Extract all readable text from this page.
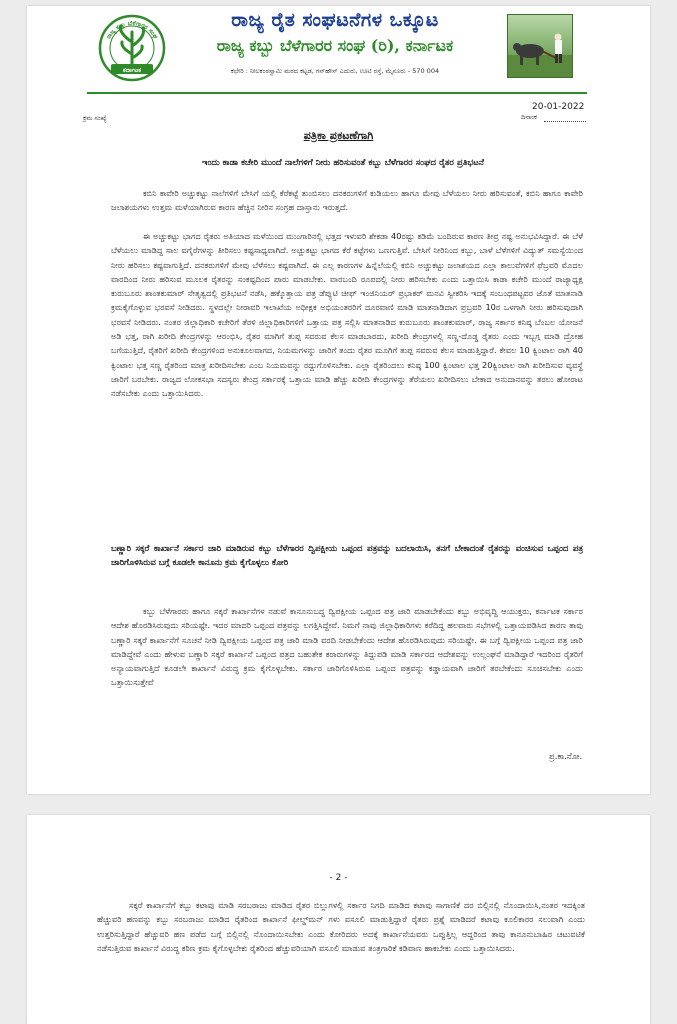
ರಾಜ್ಯ ಕಬ್ಬು ಬೆಳೆಗಾರರ ಸಂಘ
ಕರ್ನಾಟಕ
ರಾಜ್ಯ ರೈತ ಸಂಘಟನೆಗಳ ಒಕ್ಕೂಟ
ರಾಜ್ಯ ಕಬ್ಬು ಬೆಳೆಗಾರರ ಸಂಘ (ರಿ), ಕರ್ನಾಟಕ
ಕಛೇರಿ : ನೀಲಕಂಠಸ್ವಾಮಿ ಮಠದ ಕಟ್ಟಡ, ಗನ್‌ಹೌಸ್ ಎದುರು, ಊಟಿ ರಸ್ತೆ, ಮೈಸೂರು - 570 004
ಕ್ರಮ ಸಂಖ್ಯೆ
20-01-2022
ದಿನಾಂಕ
ಪತ್ರಿಕಾ ಪ್ರಕಟಣೆಗಾಗಿ
ಇಂದು ಕಾಡಾ ಕಚೇರಿ ಮುಂದೆ ನಾಲೆಗಳಿಗೆ ನೀರು ಹರಿಸುವಂತೆ ಕಬ್ಬು ಬೆಳೆಗಾರರ ಸಂಘದ ರೈತರ ಪ್ರತಿಭಟನೆ

ಕಬಿನಿ ಕಾವೇರಿ ಅಚ್ಚುಕಟ್ಟು ನಾಲೆಗಳಿಗೆ ಬೇಸಿಗೆ ಯಲ್ಲಿ ಕೆರೆಕಟ್ಟೆ ತುಂಬಿಸಲು ದನಕರುಗಳಿಗೆ ಕುಡಿಯಲು ಹಾಗೂ ಮೇವು ಬೆಳೆಯಲು ನೀರು ಹರಿಸುವಂತೆ, ಕಬಿನಿ ಹಾಗೂ ಕಾವೇರಿ ಜಲಾಶಯಗಳು ಉತ್ತಮ ಮಳೆಯಾಗಿರುವ ಕಾರಣ ಹೆಚ್ಚಿನ ನೀರಿನ ಸಂಗ್ರಹ ದಾಸ್ತಾನು ಇರುತ್ತದೆ.

ಈ ಅಚ್ಚುಕಟ್ಟು ಭಾಗದ ರೈತರು ಅತಿಯಾದ ಮಳೆಯಿಂದ ಮುಂಗಾರಿನಲ್ಲಿ ಭತ್ತದ ಇಳುವರಿ ಶೇಕಡಾ 40ರಷ್ಟು ಕಡಿಮೆ ಬಂದಿರುವ ಕಾರಣ ತೀವ್ರ ನಷ್ಟ ಅನುಭವಿಸಿದ್ದಾರೆ. ಈ ಬೆಳೆ ಬೆಳೆಯಲು ಮಾಡಿದ್ದ ಸಾಲ ವಗೈರೆಗಳನ್ನು ತೀರಿಸಲು ಕಷ್ಟಸಾಧ್ಯವಾಗಿದೆ. ಅಚ್ಚುಕಟ್ಟು ಭಾಗದ ಕೆರೆ ಕಟ್ಟೆಗಳು ಒಣಗುತ್ತಿವೆ. ಬೇಸಿಗೆ ನೀರಿನಿಂದ ಕಬ್ಬು, ಬಾಳೆ ಬೆಳೆಗಳಿಗೆ ವಿದ್ಯುತ್ ಸಮಸ್ಯೆಯಿಂದ ನೀರು ಹರಿಸಲು ಕಷ್ಟವಾಗುತ್ತಿದೆ. ದನಕರುಗಳಿಗೆ ಮೇವು ಬೆಳೆಸಲು ಕಷ್ಟವಾಗಿದೆ. ಈ ಎಲ್ಲ ಕಾರಣಗಳ ಹಿನ್ನೆಲೆಯಲ್ಲಿ ಕಬಿನಿ ಅಚ್ಚುಕಟ್ಟು ಜಲಾಶಯದ ಎಲ್ಲಾ ಕಾಲುವೆಗಳಿಗೆ ಫೆಬ್ರವರಿ ಮೊದಲ ವಾರದಿಂದ ನೀರು ಹರಿಸುವ ಮೂಲಕ ರೈತರನ್ನು ಸಂಕಷ್ಟದಿಂದ ಪಾರು ಮಾಡಬೇಕು. ವಾರಬಂದಿ ರೂಪದಲ್ಲಿ ನೀರು ಹರಿಸಬೇಕು ಎಂದು ಒತ್ತಾಯಿಸಿ ಕಾಡಾ ಕಚೇರಿ ಮುಂದೆ ರಾಜ್ಯಾಧ್ಯಕ್ಷ ಕುರುಬೂರು ಶಾಂತಕುಮಾರ್ ನೇತೃತ್ವದಲ್ಲಿ ಪ್ರತಿಭಟನೆ ನಡೆಸಿ, ಹಕ್ಕೊತ್ತಾಯ ಪತ್ರ ಡೆಪ್ಯುಟಿ ಚೀಫ್ ಇಂಜಿನಿಯರ್ ಪ್ರಭಾಕರ್ ಮನವಿ ಸ್ವೀಕರಿಸಿ ಇದಕ್ಕೆ ಸಂಬಂಧಪಟ್ಟವರ ಜೊತೆ ಮಾತನಾಡಿ ಕ್ರಮಕೈಗೊಳ್ಳುವ ಭರವಸೆ ನೀಡಿದರು. ಸ್ಥಳದಲ್ಲೇ ನೀರಾವರಿ ಇಲಾಖೆಯ ಅಧೀಕ್ಷಕ ಅಭಿಯಂತರರಿಗೆ ದೂರವಾಣಿ ಮಾಡಿ ಮಾತನಾಡಿದಾಗ ಪ್ರಬ್ರವರಿ 10ರ ಒಳಗಾಗಿ ನೀರು ಹರಿಸುವುದಾಗಿ ಭರವಸೆ ನೀಡಿದರು. ನಂತರ ಜಿಲ್ಲಾಧಿಕಾರಿ ಕಚೇರಿಗೆ ತೆರಳಿ ಜಿಲ್ಲಾಧಿಕಾರಿಗಳಿಗೆ ಒತ್ತಾಯ ಪತ್ರ ಸಲ್ಲಿಸಿ ಮಾತನಾಡಿದ ಕುರುಬೂರು ಶಾಂತಕುಮಾರ್, ರಾಜ್ಯ ಸರ್ಕಾರ ಕನಿಷ್ಠ ಬೆಂಬಲ ಯೋಜನೆ ಅಡಿ ಭತ್ತ, ರಾಗಿ ಖರೀದಿ ಕೇಂದ್ರಗಳನ್ನು ಆರಂಭಿಸಿ, ರೈತರ ಮಾಗಿಗೆ ತುಪ್ಪ ಸವರುವ ಕೆಲಸ ಮಾಡಬಾರದು, ಖರೀದಿ ಕೇಂದ್ರಗಳಲ್ಲಿ ಸಣ್ಣ-ದೊಡ್ಡ ರೈತರು ಎಂದು ಇಬ್ಬಗ್ಗ ಮಾಡಿ ದ್ರೋಹ ಬಗೆಯುತ್ತಿದೆ, ರೈತರಿಗೆ ಖರೀದಿ ಕೇಂದ್ರಗಳಿಂದ ಅನುಕೂಲವಾಗದ, ನಿಯಮಗಳನ್ನು ಜಾರಿಗೆ ತಂದು ರೈತರ ಮೂಗಿಗೆ ತುಪ್ಪ ಸವರುವ ಕೆಲಸ ಮಾಡುತ್ತಿದ್ದಾರೆ. ಕೇವಲ 10 ಕ್ವಿಂಟಾಲ ರಾಗಿ 40 ಕ್ವಿಂಟಾಲ ಭತ್ತ ಸಣ್ಣ ರೈತರಿಂದ ಮಾತ್ರ ಖರೀದಿಸಬೇಕು ಎಂಬ ನಿಯಮವನ್ನು ರದ್ದುಗೊಳಿಸಬೇಕು. ಎಲ್ಲಾ ರೈತರಿಂದಲು ಕನಿಷ್ಠ 100 ಕ್ವಿಂಟಾಲ ಭತ್ತ 20ಕ್ವಿಂಟಾಲ ರಾಗಿ ಖರೀದಿಸುವ ವ್ಯವಸ್ಥೆ ಜಾರಿಗೆ ಬರಬೇಕು. ರಾಜ್ಯದ ಲೋಕಸಭಾ ಸದಸ್ಯರು ಕೇಂದ್ರ ಸರ್ಕಾರಕ್ಕೆ ಒತ್ತಾಯ ಮಾಡಿ ಹೆಚ್ಚು ಖರೀದಿ ಕೇಂದ್ರಗಳನ್ನು ತೆರೆಯಲು ಖರೀದಿಸಲು ಬೇಕಾದ ಅನುದಾನವನ್ನು ತರಲು ಹೋರಾಟ ನಡೆಸಬೇಕು ಎಂದು ಒತ್ತಾಯಿಸಿದರು.

ಬಣ್ಣಾರಿ ಸಕ್ಕರೆ ಕಾರ್ಖಾನೆ ಸರ್ಕಾರ ಜಾರಿ ಮಾಡಿರುವ ಕಬ್ಬು ಬೆಳೆಗಾರರ ದ್ವಿಪಕ್ಷೀಯ ಒಪ್ಪಂದ ಪತ್ರವನ್ನು ಬದಲಾಯಿಸಿ, ತನಗೆ ಬೇಕಾದಂತೆ ರೈತರನ್ನು ವಂಚಿಸುವ ಒಪ್ಪಂದ ಪತ್ರ ಜಾರಿಗೊಳಿಸಿರುವ ಬಗ್ಗೆ ಕೂಡಲೇ ಕಾನೂನು ಕ್ರಮ ಕೈಗೊಳ್ಳಲು ಕೋರಿ

ಕಬ್ಬು ಬೆಳೆಗಾರರು ಹಾಗೂ ಸಕ್ಕರೆ ಕಾರ್ಖಾನೆಗಳ ನಡುವೆ ಕಾನೂನುಬದ್ಧ ದ್ವಿಪಕ್ಷೀಯ ಒಪ್ಪಂದ ಪತ್ರ ಜಾರಿ ಮಾಡಬೇಕೆಂದು ಕಬ್ಬು ಅಭಿವೃದ್ಧಿ ಆಯುಕ್ತರು, ಕರ್ನಾಟಕ ಸರ್ಕಾರ ಆದೇಶ ಹೊರಡಿಸಿರುವುದು ಸರಿಯಷ್ಟೇ. ಇದರ ಮಾದರಿ ಒಪ್ಪಂದ ಪತ್ರವನ್ನು ಲಗತ್ತಿಸಿದ್ದೇವೆ. ನಿಮಗೆ ನಾವು ಜಿಲ್ಲಾಧಿಕಾರಿಗಳು ಕರೆದಿದ್ದ ಹಲವಾರು ಸಭೆಗಳಲ್ಲಿ ಒತ್ತಾಯಪಡಿಸಿದ ಕಾರಣ ತಾವು ಬಣ್ಣಾರಿ ಸಕ್ಕರೆ ಕಾರ್ಖಾನೆಗೆ ಸೂಚನೆ ನೀಡಿ ದ್ವಿಪಕ್ಷೀಯ ಒಪ್ಪಂದ ಪತ್ರ ಜಾರಿ ಮಾಡಿ ವರದಿ ನೀಡಬೇಕೆಂದು ಆದೇಶ ಹೊರಡಿಸಿರುವುದು ಸರಿಯಷ್ಟೇ. ಈ ಬಗ್ಗೆ ದ್ವಿಪಕ್ಷೀಯ ಒಪ್ಪಂದ ಪತ್ರ ಜಾರಿ ಮಾಡಿದ್ದೇವೆ ಎಂದು ಹೇಳುವ ಬಣ್ಣಾರಿ ಸಕ್ಕರೆ ಕಾರ್ಖಾನೆ ಒಪ್ಪಂದ ಪತ್ರದ ಬಹುತೇಕ ಕರಾರುಗಳನ್ನು ತಿದ್ದುಪಡಿ ಮಾಡಿ ಸರ್ಕಾರದ ಆದೇಶವನ್ನು ಉಲ್ಲಂಘನೆ ಮಾಡಿದ್ದಾರೆ ಇದರಿಂದ ರೈತರಿಗೆ ಅನ್ಯಾಯವಾಗುತ್ತಿದೆ ಕೂಡಲೇ ಕಾರ್ಖಾನೆ ವಿರುದ್ಧ ಕ್ರಮ ಕೈಗೊಳ್ಳಬೇಕು. ಸರ್ಕಾರ ಜಾರಿಗೊಳಿಸಿರುವ ಒಪ್ಪಂದ ಪತ್ರವನ್ನು ಕಡ್ಡಾಯವಾಗಿ ಜಾರಿಗೆ ತರಬೇಕೆಂದು ಸೂಚಿಸಬೇಕು ಎಂದು ಒತ್ತಾಯಿಸುತ್ತೇವೆ

ಪ್ರ.ಕಾ.ನೋ.
- 2 -

ಸಕ್ಕರೆ ಕಾರ್ಖಾನೆಗೆ ಕಬ್ಬು ಕಟಾವು ಮಾಡಿ ಸರಬರಾಜು ಮಾಡಿದ ರೈತರ ಬಿಲ್ಲುಗಳಲ್ಲಿ ಸರ್ಕಾರ ನಿಗದಿ ಮಾಡಿದ ಕಟಾವು ಸಾಗಾಣಿಕೆ ದರ ಬಿಲ್ಲಿನಲ್ಲಿ ನೊಂದಾಯಿಸಿ,ನಂತರ ಇದಕ್ಕಿಂತ ಹೆಚ್ಚುವರಿ ಹಣವನ್ನು ಕಬ್ಬು ಸರಬರಾಜು ಮಾಡಿದ ರೈತರಿಂದ ಕಾರ್ಖಾನೆ ಫೀಲ್ಡ್‌ಮನ್ ಗಳು ವಸೂಲಿ ಮಾಡುತ್ತಿದ್ದಾರೆ ರೈತರು ಪ್ರಶ್ನೆ ಮಾಡಿದರೆ ಕಟಾವು ಕೂಲಿಕಾರರ ಸಲುವಾಗಿ ಎಂದು ಉತ್ತರಿಸುತ್ತಿದ್ದಾರೆ ಹೆಚ್ಚುವರಿ ಹಣ ಪಡೆದ ಬಗ್ಗೆ ಬಿಲ್ಲಿನಲ್ಲಿ ನೊಂದಾಯಿಸಬೇಕು ಎಂದು ಕೋರಿದರು ಅದಕ್ಕೆ ಕಾರ್ಖಾನೆಯವರು ಒಪ್ಪುತ್ತಿಲ್ಲ ಆದ್ದರಿಂದ ತಾವು ಕಾನೂನುಬಾಹಿರ ಚಟುವಟಿಕೆ ನಡೆಸುತ್ತಿರುವ ಕಾರ್ಖಾನೆ ವಿರುದ್ಧ ಕಠಿಣ ಕ್ರಮ ಕೈಗೊಳ್ಳಬೇಕು ರೈತರಿಂದ ಹೆಚ್ಚುವರಿಯಾಗಿ ವಸೂಲಿ ಮಾಡುವ ತಂತ್ರಗಾರಿಕೆ ಕಡಿವಾಣ ಹಾಕಬೇಕು ಎಂದು ಒತ್ತಾಯಿಸಿದರು.
